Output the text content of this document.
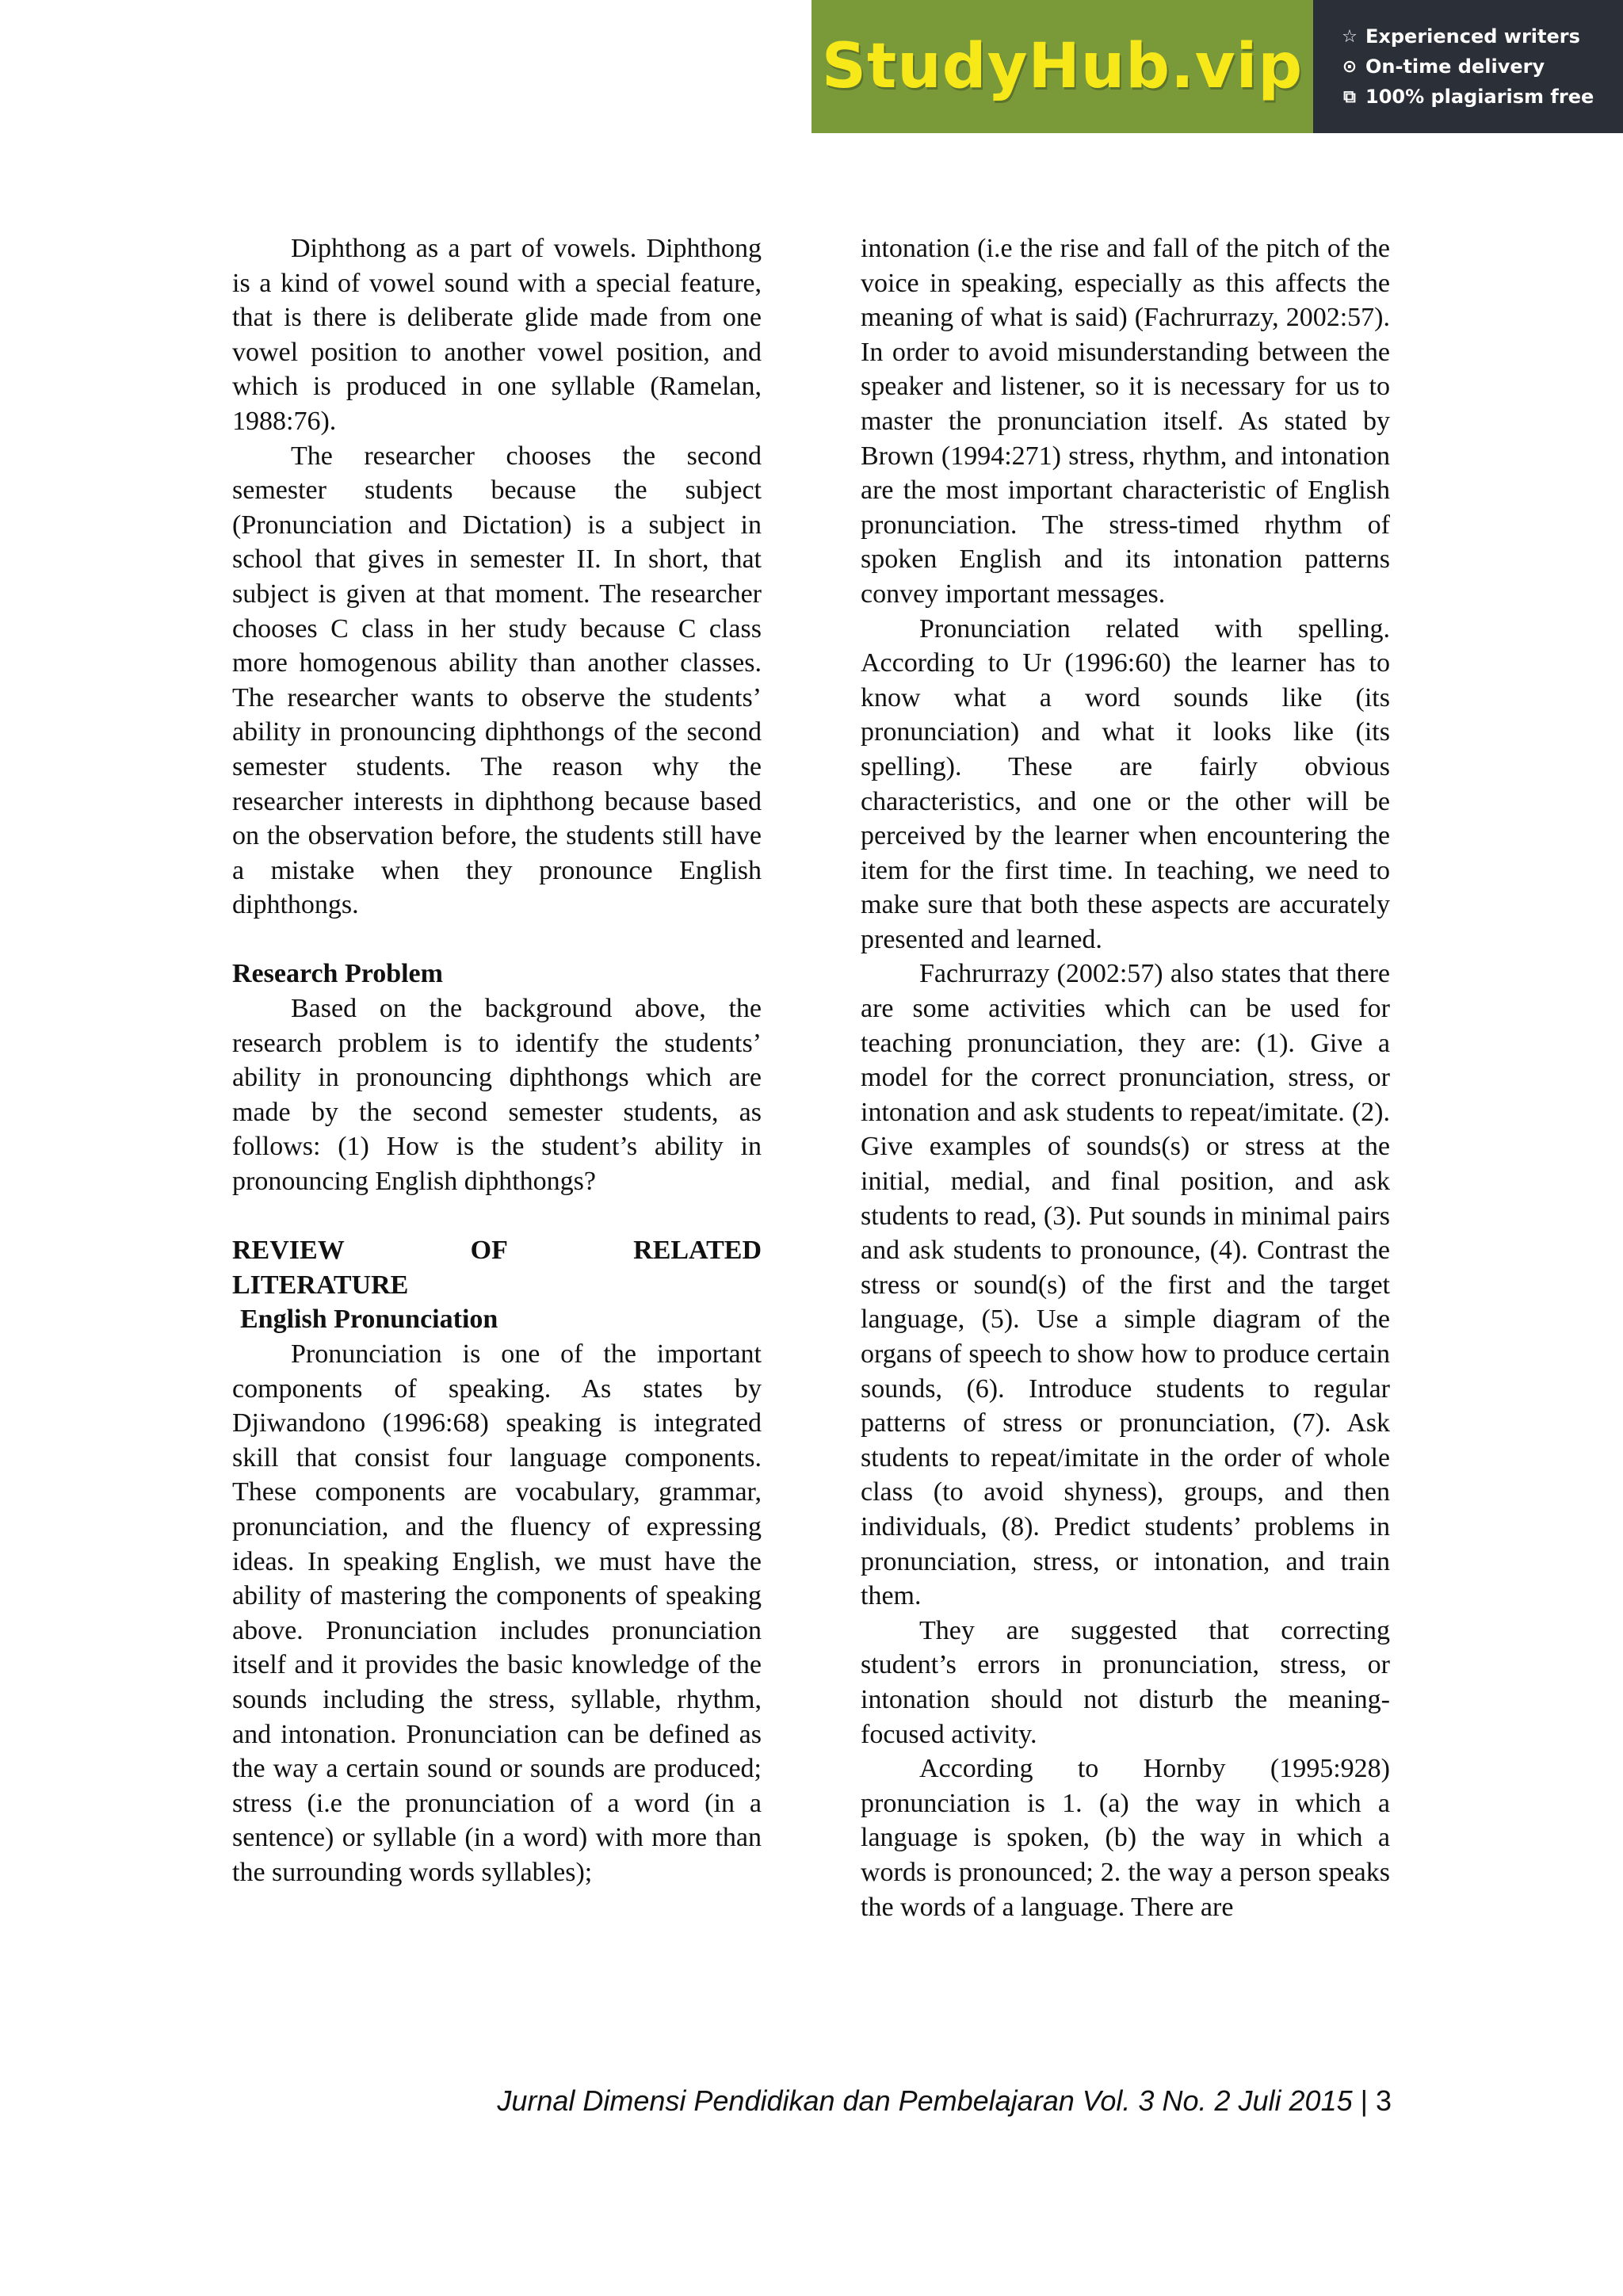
StudyHub.vip ☆ Experienced writers
⊙ On-time delivery
⧉ 100% plagiarism free

Diphthong as a part of vowels. Diphthong is a kind of vowel sound with a special feature, that is there is deliberate glide made from one vowel position to another vowel position, and which is produced in one syllable (Ramelan, 1988:76).

The researcher chooses the second semester students because the subject (Pronunciation and Dictation) is a subject in school that gives in semester II. In short, that subject is given at that moment. The researcher chooses C class in her study because C class more homogenous ability than another classes. The researcher wants to observe the students’ ability in pronouncing diphthongs of the second semester students. The reason why the researcher interests in diphthong because based on the observation before, the students still have a mistake when they pronounce English diphthongs.

Research Problem

Based on the background above, the research problem is to identify the students’ ability in pronouncing diphthongs which are made by the second semester students, as follows: (1) How is the student’s ability in pronouncing English diphthongs?

REVIEW OF RELATED
LITERATURE
English Pronunciation

Pronunciation is one of the important components of speaking. As states by Djiwandono (1996:68) speaking is integrated skill that consist four language components. These components are vocabulary, grammar, pronunciation, and the fluency of expressing ideas. In speaking English, we must have the ability of mastering the components of speaking above. Pronunciation includes pronunciation itself and it provides the basic knowledge of the sounds including the stress, syllable, rhythm, and intonation. Pronunciation can be defined as the way a certain sound or sounds are produced; stress (i.e the pronunciation of a word (in a sentence) or syllable (in a word) with more than the surrounding words syllables);

intonation (i.e the rise and fall of the pitch of the voice in speaking, especially as this affects the meaning of what is said) (Fachrurrazy, 2002:57). In order to avoid misunderstanding between the speaker and listener, so it is necessary for us to master the pronunciation itself. As stated by Brown (1994:271) stress, rhythm, and intonation are the most important characteristic of English pronunciation. The stress-timed rhythm of spoken English and its intonation patterns convey important messages.

Pronunciation related with spelling. According to Ur (1996:60) the learner has to know what a word sounds like (its pronunciation) and what it looks like (its spelling). These are fairly obvious characteristics, and one or the other will be perceived by the learner when encountering the item for the first time. In teaching, we need to make sure that both these aspects are accurately presented and learned.

Fachrurrazy (2002:57) also states that there are some activities which can be used for teaching pronunciation, they are: (1). Give a model for the correct pronunciation, stress, or intonation and ask students to repeat/imitate. (2). Give examples of sounds(s) or stress at the initial, medial, and final position, and ask students to read, (3). Put sounds in minimal pairs and ask students to pronounce, (4). Contrast the stress or sound(s) of the first and the target language, (5). Use a simple diagram of the organs of speech to show how to produce certain sounds, (6). Introduce students to regular patterns of stress or pronunciation, (7). Ask students to repeat/imitate in the order of whole class (to avoid shyness), groups, and then individuals, (8). Predict students’ problems in pronunciation, stress, or intonation, and train them.

They are suggested that correcting student’s errors in pronunciation, stress, or intonation should not disturb the meaning-focused activity.

According to Hornby (1995:928) pronunciation is 1. (a) the way in which a language is spoken, (b) the way in which a words is pronounced; 2. the way a person speaks the words of a language. There are

Jurnal Dimensi Pendidikan dan Pembelajaran Vol. 3 No. 2 Juli 2015 | 3
